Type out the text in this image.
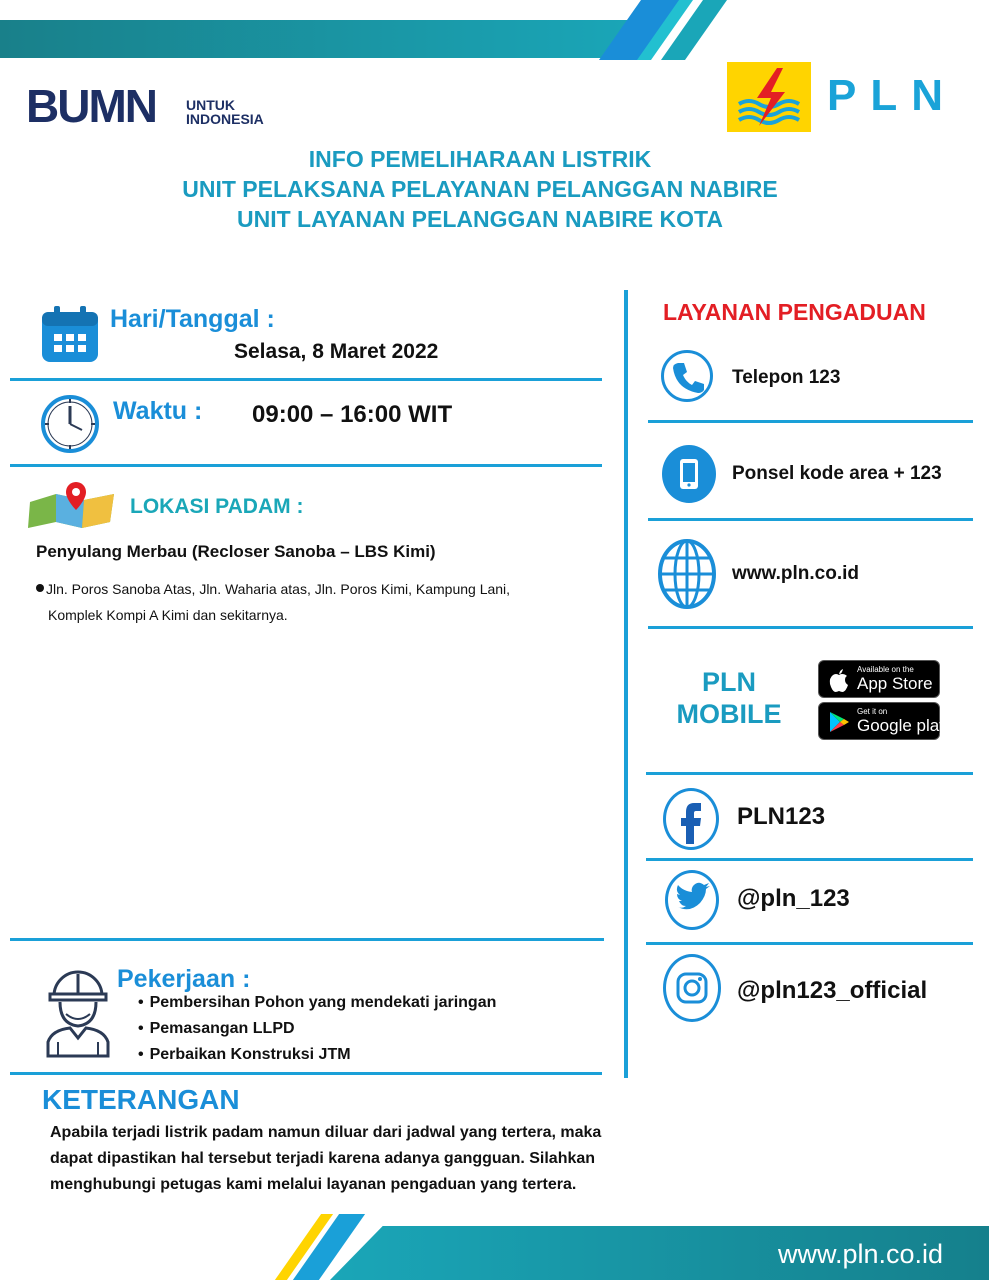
BUMN UNTUK
INDONESIA	PLN
INFO PEMELIHARAAN LISTRIK
UNIT PELAKSANA PELAYANAN PELANGGAN NABIRE
UNIT LAYANAN PELANGGAN NABIRE KOTA
Hari/Tanggal :
Selasa, 8 Maret 2022
Waktu : 09:00 – 16:00 WIT
LOKASI PADAM :
Penyulang Merbau (Recloser Sanoba – LBS Kimi)
Jln. Poros Sanoba Atas, Jln. Waharia atas, Jln. Poros Kimi, Kampung Lani,
Komplek Kompi A Kimi dan sekitarnya.
Pekerjaan :
• Pembersihan Pohon yang mendekati jaringan
• Pemasangan LLPD
• Perbaikan Konstruksi JTM
KETERANGAN
Apabila terjadi listrik padam namun diluar dari jadwal yang tertera, maka dapat dipastikan hal tersebut terjadi karena adanya gangguan. Silahkan menghubungi petugas kami melalui layanan pengaduan yang tertera.
LAYANAN PENGADUAN
Telepon 123
Ponsel kode area + 123
www.pln.co.id
PLN
MOBILE
Available on the
App Store
Get it on
Google play
PLN123
@pln_123
@pln123_official
www.pln.co.id
